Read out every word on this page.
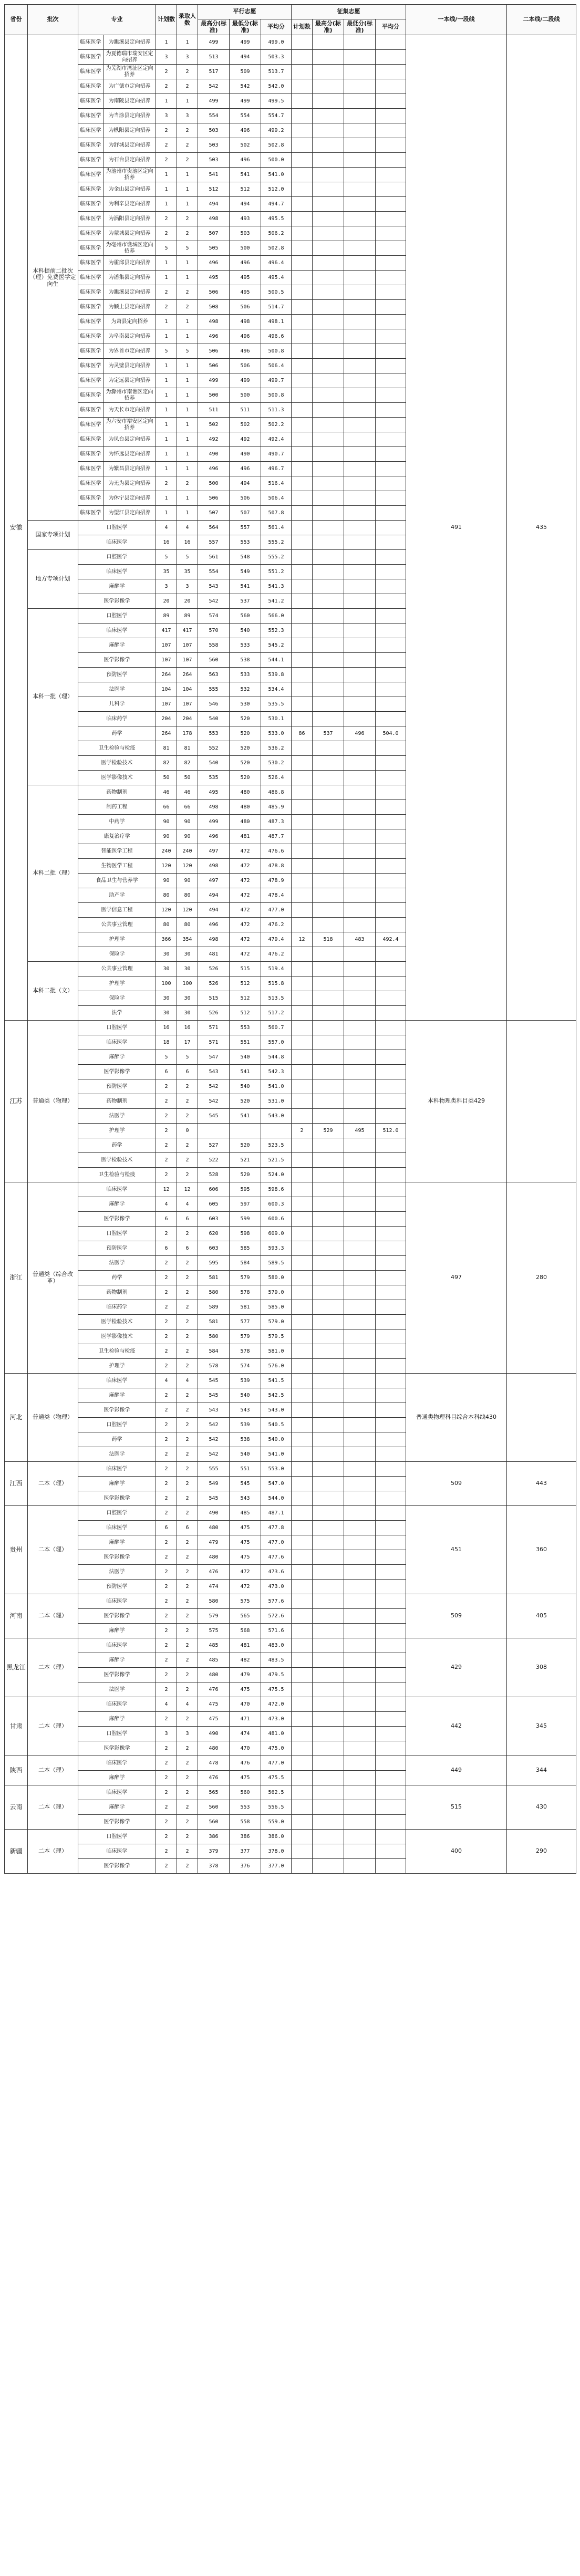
省份	批次	专业		计划数	录取人数	平行志愿			征集志愿				一本线/一段线	二本线/二段线
						最高分(标准)	最低分(标准)	平均分	计划数	最高分(标准)	最低分(标准)	平均分		
安徽	本科提前二批次（理）免费医学定向生	临床医学	为濉溪县定向招养	1	1	499	499	499.0					491	435
		临床医学	为夏德瑞市瑞安区定向招养	3	3	513	494	503.3						
		临床医学	为芜湖市湾沚区定向招养	2	2	517	509	513.7						
		临床医学	为广德市定向招养	2	2	542	542	542.0						
		临床医学	为南陵县定向招养	1	1	499	499	499.5						
		临床医学	为当涂县定向招养	3	3	554	554	554.7						
		临床医学	为枞阳县定向招养	2	2	503	496	499.2						
		临床医学	为舒城县定向招养	2	2	503	502	502.8						
		临床医学	为石台县定向招养	2	2	503	496	500.0						
		临床医学	为池州市贵池区定向招养	1	1	541	541	541.0						
		临床医学	为金山县定向招养	1	1	512	512	512.0						
		临床医学	为利辛县定向招养	1	1	494	494	494.7						
		临床医学	为涡阳县定向招养	2	2	498	493	495.5						
		临床医学	为蒙城县定向招养	2	2	507	503	506.2						
		临床医学	为亳州市谯城区定向招养	5	5	505	500	502.8						
		临床医学	为霍邱县定向招养	1	1	496	496	496.4						
		临床医学	为潘集县定向招养	1	1	495	495	495.4						
		临床医学	为濉溪县定向招养	2	2	506	495	500.5						
		临床医学	为颍上县定向招养	2	2	508	506	514.7						
		临床医学	为萧县定向招养	1	1	498	498	498.1						
		临床医学	为阜南县定向招养	1	1	496	496	496.6						
		临床医学	为界首市定向招养	5	5	506	496	500.8						
		临床医学	为灵璧县定向招养	1	1	506	506	506.4						
		临床医学	为定远县定向招养	1	1	499	499	499.7						
		临床医学	为滁州市南谯区定向招养	1	1	500	500	500.8						
		临床医学	为天长市定向招养	1	1	511	511	511.3						
		临床医学	为六安市裕安区定向招养	1	1	502	502	502.2						
		临床医学	为凤台县定向招养	1	1	492	492	492.4						
		临床医学	为怀远县定向招养	1	1	490	490	490.7						
		临床医学	为繁昌县定向招养	1	1	496	496	496.7						
		临床医学	为无为县定向招养	2	2	500	494	516.4						
		临床医学	为休宁县定向招养	1	1	506	506	506.4						
		临床医学	为望江县定向招养	1	1	507	507	507.8						
	国家专项计划	口腔医学		4	4	564	557	561.4						
		临床医学		16	16	557	553	555.2						
	地方专项计划	口腔医学		5	5	561	548	555.2						
		临床医学		35	35	554	549	551.2						
		麻醉学		3	3	543	541	541.3						
		医学影像学		20	20	542	537	541.2						
	本科一批（理）	口腔医学		89	89	574	560	566.0						
		临床医学		417	417	570	540	552.3						
		麻醉学		107	107	558	533	545.2						
		医学影像学		107	107	560	538	544.1						
		预防医学		264	264	563	533	539.8						
		法医学		104	104	555	532	534.4						
		儿科学		107	107	546	530	535.5						
		临床药学		204	204	540	520	530.1						
		药学		264	178	553	520	533.0	86	537	496	504.0		
		卫生检验与检疫		81	81	552	520	536.2						
		医学检验技术		82	82	540	520	530.2						
		医学影像技术		50	50	535	520	526.4						
	本科二批（理）	药物制剂		46	46	495	480	486.8						
		制药工程		66	66	498	480	485.9						
		中药学		90	90	499	480	487.3						
		康复治疗学		90	90	496	481	487.7						
		智能医学工程		240	240	497	472	476.6						
		生物医学工程		120	120	498	472	478.8						
		食品卫生与营养学		90	90	497	472	478.9						
		助产学		80	80	494	472	478.4						
		医学信息工程		120	120	494	472	477.0						
		公共事业管理		80	80	496	472	476.2						
		护理学		366	354	498	472	479.4	12	518	483	492.4		
		保险学		30	30	481	472	476.2						
	本科二批（文）	公共事业管理		30	30	526	515	519.4						
		护理学		100	100	526	512	515.8						
		保险学		30	30	515	512	513.5						
		法学		30	30	526	512	517.2						
江苏	普通类（物理）	口腔医学		16	16	571	553	560.7					本科物理类科目类429	
		临床医学		18	17	571	551	557.0						
		麻醉学		5	5	547	540	544.8						
		医学影像学		6	6	543	541	542.3						
		预防医学		2	2	542	540	541.0						
		药物制剂		2	2	542	520	531.0						
		法医学		2	2	545	541	543.0						
		护理学		2	0				2	529	495	512.0		
		药学		2	2	527	520	523.5						
		医学检验技术		2	2	522	521	521.5						
		卫生检验与检疫		2	2	528	520	524.0						
浙江	普通类（综合改革）	临床医学		12	12	606	595	598.6					497	280
		麻醉学		4	4	605	597	600.3						
		医学影像学		6	6	603	599	600.6						
		口腔医学		2	2	620	598	609.0						
		预防医学		6	6	603	585	593.3						
		法医学		2	2	595	584	589.5						
		药学		2	2	581	579	580.0						
		药物制剂		2	2	580	578	579.0						
		临床药学		2	2	589	581	585.0						
		医学检验技术		2	2	581	577	579.0						
		医学影像技术		2	2	580	579	579.5						
		卫生检验与检疫		2	2	584	578	581.0						
		护理学		2	2	578	574	576.0						
河北	普通类（物理）	临床医学		4	4	545	539	541.5					普通类物理科目综合本科线430	
		麻醉学		2	2	545	540	542.5						
		医学影像学		2	2	543	543	543.0						
		口腔医学		2	2	542	539	540.5						
		药学		2	2	542	538	540.0						
		法医学		2	2	542	540	541.0						
江西	二本（理）	临床医学		2	2	555	551	553.0					509	443
		麻醉学		2	2	549	545	547.0						
		医学影像学		2	2	545	543	544.0						
贵州	二本（理）	口腔医学		2	2	490	485	487.1					451	360
		临床医学		6	6	480	475	477.8						
		麻醉学		2	2	479	475	477.0						
		医学影像学		2	2	480	475	477.6						
		法医学		2	2	476	472	473.6						
		预防医学		2	2	474	472	473.0						
河南	二本（理）	临床医学		2	2	580	575	577.6					509	405
		医学影像学		2	2	579	565	572.6						
		麻醉学		2	2	575	568	571.6						
黑龙江	二本（理）	临床医学		2	2	485	481	483.0					429	308
		麻醉学		2	2	485	482	483.5						
		医学影像学		2	2	480	479	479.5						
		法医学		2	2	476	475	475.5						
甘肃	二本（理）	临床医学		4	4	475	470	472.0					442	345
		麻醉学		2	2	475	471	473.0						
		口腔医学		3	3	490	474	481.0						
		医学影像学		2	2	480	470	475.0						
陕西	二本（理）	临床医学		2	2	478	476	477.0					449	344
		麻醉学		2	2	476	475	475.5						
云南	二本（理）	临床医学		2	2	565	560	562.5					515	430
		麻醉学		2	2	560	553	556.5						
		医学影像学		2	2	560	558	559.0						
新疆	二本（理）	口腔医学		2	2	386	386	386.0					400	290
		临床医学		2	2	379	377	378.0						
		医学影像学		2	2	378	376	377.0						
